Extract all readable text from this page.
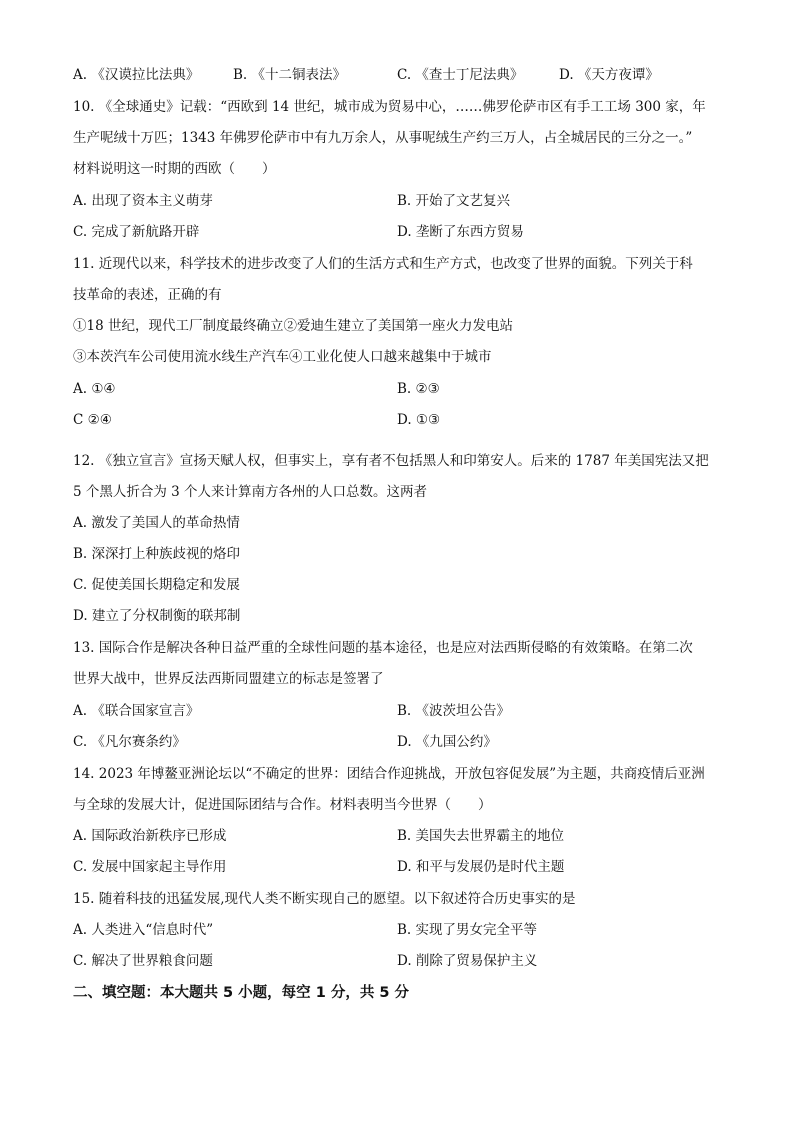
A. 《汉谟拉比法典》 B. 《十二铜表法》	C. 《查士丁尼法典》	D. 《天方夜谭》
10. 《全球通史》记载：“西欧到 14 世纪，城市成为贸易中心，……佛罗伦萨市区有手工工场 300 家，年
生产呢绒十万匹；1343 年佛罗伦萨市中有九万余人，从事呢绒生产约三万人，占全城居民的三分之一。”
材料说明这一时期的西欧（　　）
A. 出现了资本主义萌芽	B. 开始了文艺复兴
C. 完成了新航路开辟	D. 垄断了东西方贸易
11. 近现代以来，科学技术的进步改变了人们的生活方式和生产方式，也改变了世界的面貌。下列关于科
技革命的表述，正确的有
①18 世纪，现代工厂制度最终确立②爱迪生建立了美国第一座火力发电站
③本茨汽车公司使用流水线生产汽车④工业化使人口越来越集中于城市
A. ①④	B. ②③
C ②④	D. ①③
12. 《独立宣言》宣扬天赋人权，但事实上，享有者不包括黑人和印第安人。后来的 1787 年美国宪法又把
5 个黑人折合为 3 个人来计算南方各州的人口总数。这两者
A. 激发了美国人的革命热情
B. 深深打上种族歧视的烙印
C. 促使美国长期稳定和发展
D. 建立了分权制衡的联邦制
13. 国际合作是解决各种日益严重的全球性问题的基本途径，也是应对法西斯侵略的有效策略。在第二次
世界大战中，世界反法西斯同盟建立的标志是签署了
A. 《联合国家宣言》	B. 《波茨坦公告》
C. 《凡尔赛条约》	D. 《九国公约》
14. 2023 年博鳌亚洲论坛以“不确定的世界：团结合作迎挑战，开放包容促发展”为主题，共商疫情后亚洲
与全球的发展大计，促进国际团结与合作。材料表明当今世界（　　）
A. 国际政治新秩序已形成	B. 美国失去世界霸主的地位
C. 发展中国家起主导作用	D. 和平与发展仍是时代主题
15. 随着科技的迅猛发展,现代人类不断实现自己的愿望。以下叙述符合历史事实的是
A. 人类进入“信息时代”	B. 实现了男女完全平等
C. 解决了世界粮食问题	D. 削除了贸易保护主义
二、填空题：本大题共 5 小题，每空 1 分，共 5 分
